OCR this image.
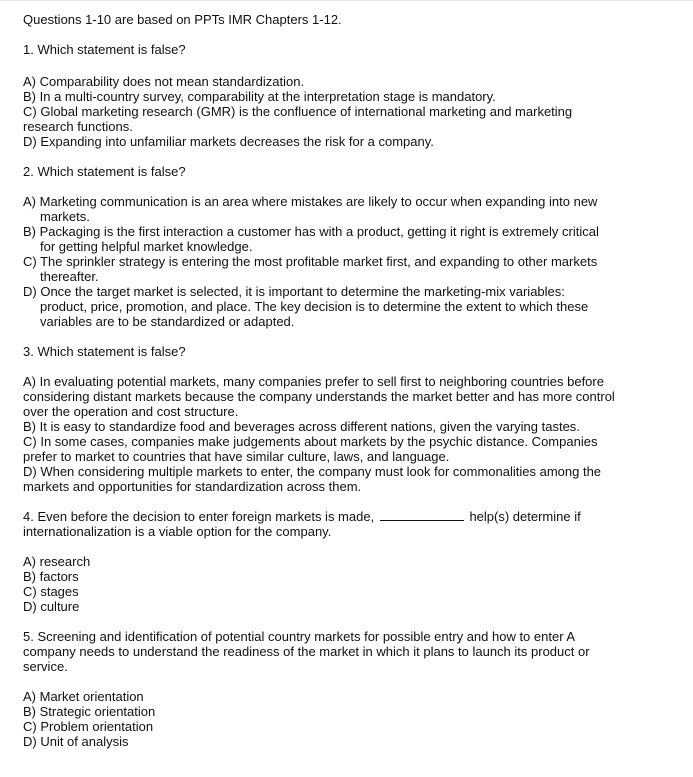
Questions 1-10 are based on PPTs IMR Chapters 1-12.
1. Which statement is false?
A) Comparability does not mean standardization.
B) In a multi-country survey, comparability at the interpretation stage is mandatory.
C) Global marketing research (GMR) is the confluence of international marketing and marketing research functions.
D) Expanding into unfamiliar markets decreases the risk for a company.
2. Which statement is false?
A) Marketing communication is an area where mistakes are likely to occur when expanding into new markets.
B) Packaging is the first interaction a customer has with a product, getting it right is extremely critical for getting helpful market knowledge.
C) The sprinkler strategy is entering the most profitable market first, and expanding to other markets thereafter.
D) Once the target market is selected, it is important to determine the marketing-mix variables: product, price, promotion, and place. The key decision is to determine the extent to which these variables are to be standardized or adapted.
3. Which statement is false?
A) In evaluating potential markets, many companies prefer to sell first to neighboring countries before considering distant markets because the company understands the market better and has more control over the operation and cost structure.
B) It is easy to standardize food and beverages across different nations, given the varying tastes.
C) In some cases, companies make judgements about markets by the psychic distance. Companies prefer to market to countries that have similar culture, laws, and language.
D) When considering multiple markets to enter, the company must look for commonalities among the markets and opportunities for standardization across them.
4. Even before the decision to enter foreign markets is made,	help(s) determine if
internationalization is a viable option for the company.
A) research
B) factors
C) stages
D) culture
5. Screening and identification of potential country markets for possible entry and how to enter A company needs to understand the readiness of the market in which it plans to launch its product or service.
A) Market orientation
B) Strategic orientation
C) Problem orientation
D) Unit of analysis
